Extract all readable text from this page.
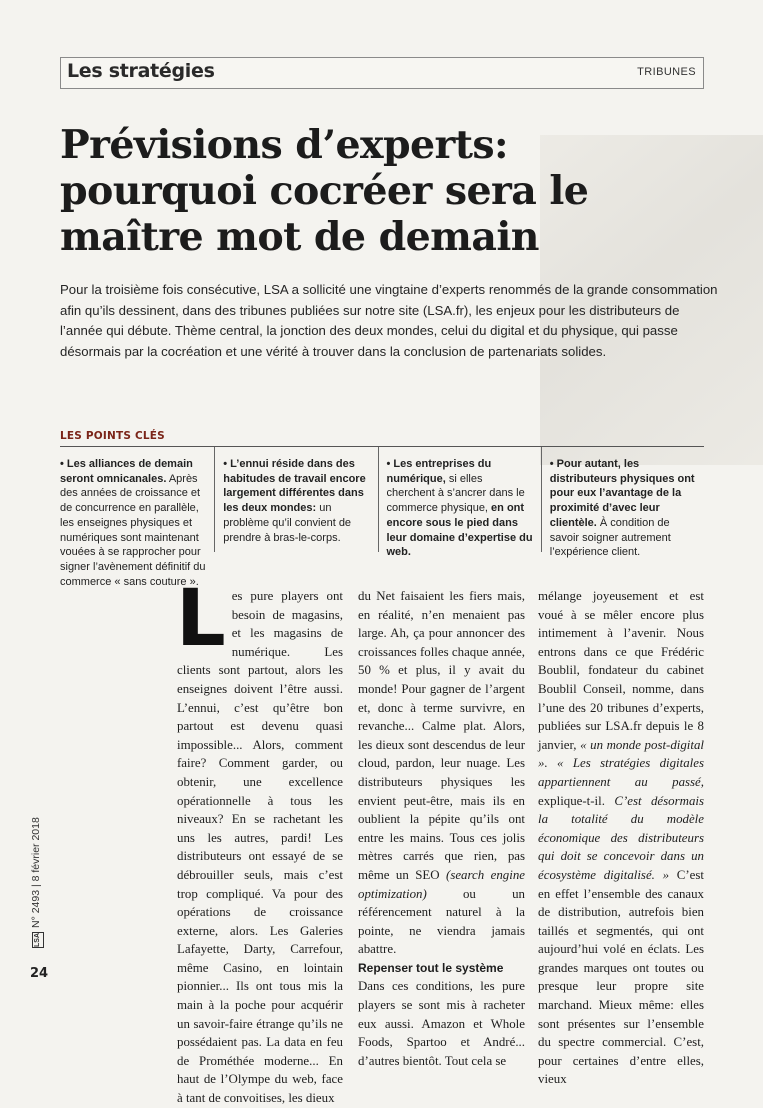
Les stratégies	TRIBUNES
Prévisions d’experts: pourquoi cocréer sera le maître mot de demain

Pour la troisième fois consécutive, LSA a sollicité une vingtaine d’experts renommés de la grande consommation afin qu’ils dessinent, dans des tribunes publiées sur notre site (LSA.fr), les enjeux pour les distributeurs de l’année qui débute. Thème central, la jonction des deux mondes, celui du digital et du physique, qui passe désormais par la cocréation et une vérité à trouver dans la conclusion de partenariats solides.

LES POINTS CLÉS
• Les alliances de demain seront omnicanales. Après des années de croissance et de concurrence en parallèle, les enseignes physiques et numériques sont maintenant vouées à se rapprocher pour signer l’avènement définitif du commerce « sans couture ».
• L’ennui réside dans des habitudes de travail encore largement différentes dans les deux mondes: un problème qu’il convient de prendre à bras-le-corps.
• Les entreprises du numérique, si elles cherchent à s’ancrer dans le commerce physique, en ont encore sous le pied dans leur domaine d’expertise du web.
• Pour autant, les distributeurs physiques ont pour eux l’avantage de la proximité d’avec leur clientèle. À condition de savoir soigner autrement l’expérience client.

Les pure players ont besoin de magasins, et les magasins de numérique. Les clients sont partout, alors les enseignes doivent l’être aussi. L’ennui, c’est qu’être bon partout est devenu quasi impossible... Alors, comment faire? Comment garder, ou obtenir, une excellence opérationnelle à tous les niveaux? En se rachetant les uns les autres, pardi! Les distributeurs ont essayé de se débrouiller seuls, mais c’est trop compliqué. Va pour des opérations de croissance externe, alors. Les Galeries Lafayette, Darty, Carrefour, même Casino, en lointain pionnier... Ils ont tous mis la main à la poche pour acquérir un savoir-faire étrange qu’ils ne possédaient pas. La data en feu de Prométhée moderne... En haut de l’Olympe du web, face à tant de convoitises, les dieux

du Net faisaient les fiers mais, en réalité, n’en menaient pas large. Ah, ça pour annoncer des croissances folles chaque année, 50 % et plus, il y avait du monde! Pour gagner de l’argent et, donc à terme survivre, en revanche... Calme plat. Alors, les dieux sont descendus de leur cloud, pardon, leur nuage. Les distributeurs physiques les envient peut-être, mais ils en oublient la pépite qu’ils ont entre les mains. Tous ces jolis mètres carrés que rien, pas même un SEO (search engine optimization) ou un référencement naturel à la pointe, ne viendra jamais abattre.

Repenser tout le système

Dans ces conditions, les pure players se sont mis à racheter eux aussi. Amazon et Whole Foods, Spartoo et André... d’autres bientôt. Tout cela se

mélange joyeusement et est voué à se mêler encore plus intimement à l’avenir. Nous entrons dans ce que Frédéric Boublil, fondateur du cabinet Boublil Conseil, nomme, dans l’une des 20 tribunes d’experts, publiées sur LSA.fr depuis le 8 janvier, « un monde post-digital ». « Les stratégies digitales appartiennent au passé, explique-t-il. C’est désormais la totalité du modèle économique des distributeurs qui doit se concevoir dans un écosystème digitalisé. » C’est en effet l’ensemble des canaux de distribution, autrefois bien taillés et segmentés, qui ont aujourd’hui volé en éclats. Les grandes marques ont toutes ou presque leur propre site marchand. Mieux même: elles sont présentes sur l’ensemble du spectre commercial. C’est, pour certaines d’entre elles, vieux

LSAN° 2493 | 8 février 2018
24
